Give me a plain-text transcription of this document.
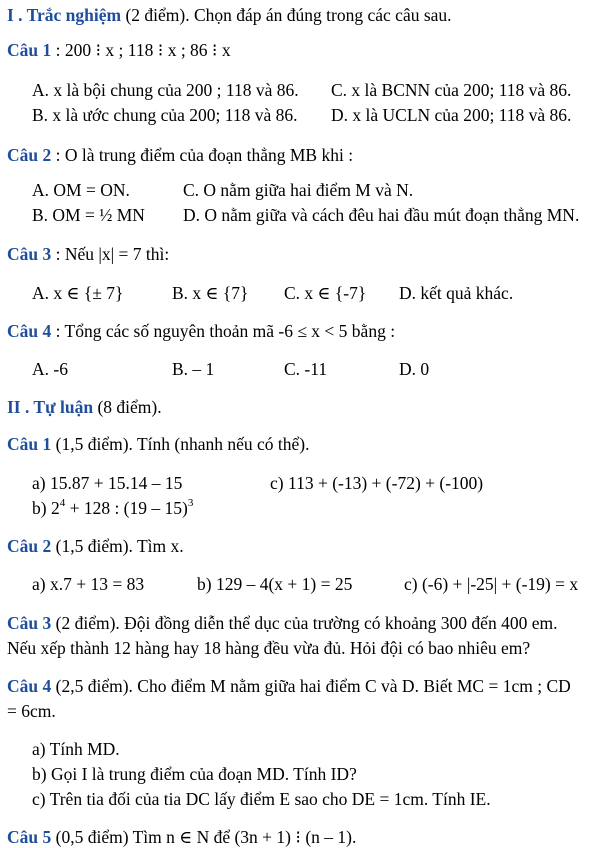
I . Trắc nghiệm (2 điểm). Chọn đáp án đúng trong các câu sau.
Câu 1 : 200 ⁝ x ; 118 ⁝ x ; 86 ⁝ x
A. x là bội chung của 200 ; 118 và 86. C. x là BCNN của 200; 118 và 86.
B. x là ước chung của 200; 118 và 86. D. x là UCLN của 200; 118 và 86.
Câu 2 : O là trung điểm của đoạn thẳng MB khi :
A. OM = ON.	C. O nằm giữa hai điểm M và N.
B. OM = ½ MN D. O nằm giữa và cách đêu hai đầu mút đoạn thẳng MN.
Câu 3 : Nếu |x| = 7 thì:
A. x ∈ {± 7}	B. x ∈ {7} C. x ∈ {-7} D. kết quả khác.
Câu 4 : Tổng các số nguyên thoản mã -6 ≤ x < 5 bằng :
A. -6	B. – 1	C. -11	D. 0
II . Tự luận (8 điểm).
Câu 1 (1,5 điểm). Tính (nhanh nếu có thể).
a) 15.87 + 15.14 – 15	c) 113 + (-13) + (-72) + (-100)
b) $2^4 + 128$ : (19 – 15)$^3$
Câu 2 (1,5 điểm). Tìm x.
a) x.7 + 13 = 83	b) 129 – 4(x + 1) = 25	c) (-6) + |-25| + (-19) = x
Câu 3 (2 điểm). Đội đồng diễn thể dục của trường có khoảng 300 đến 400 em.
Nếu xếp thành 12 hàng hay 18 hàng đều vừa đủ. Hỏi đội có bao nhiêu em?
Câu 4 (2,5 điểm). Cho điểm M nằm giữa hai điểm C và D. Biết MC = 1cm ; CD
= 6cm.
a) Tính MD.
b) Gọi I là trung điểm của đoạn MD. Tính ID?
c) Trên tia đối của tia DC lấy điểm E sao cho DE = 1cm. Tính IE.
Câu 5 (0,5 điểm) Tìm n ∈ N để (3n + 1) ⁝ (n – 1).
